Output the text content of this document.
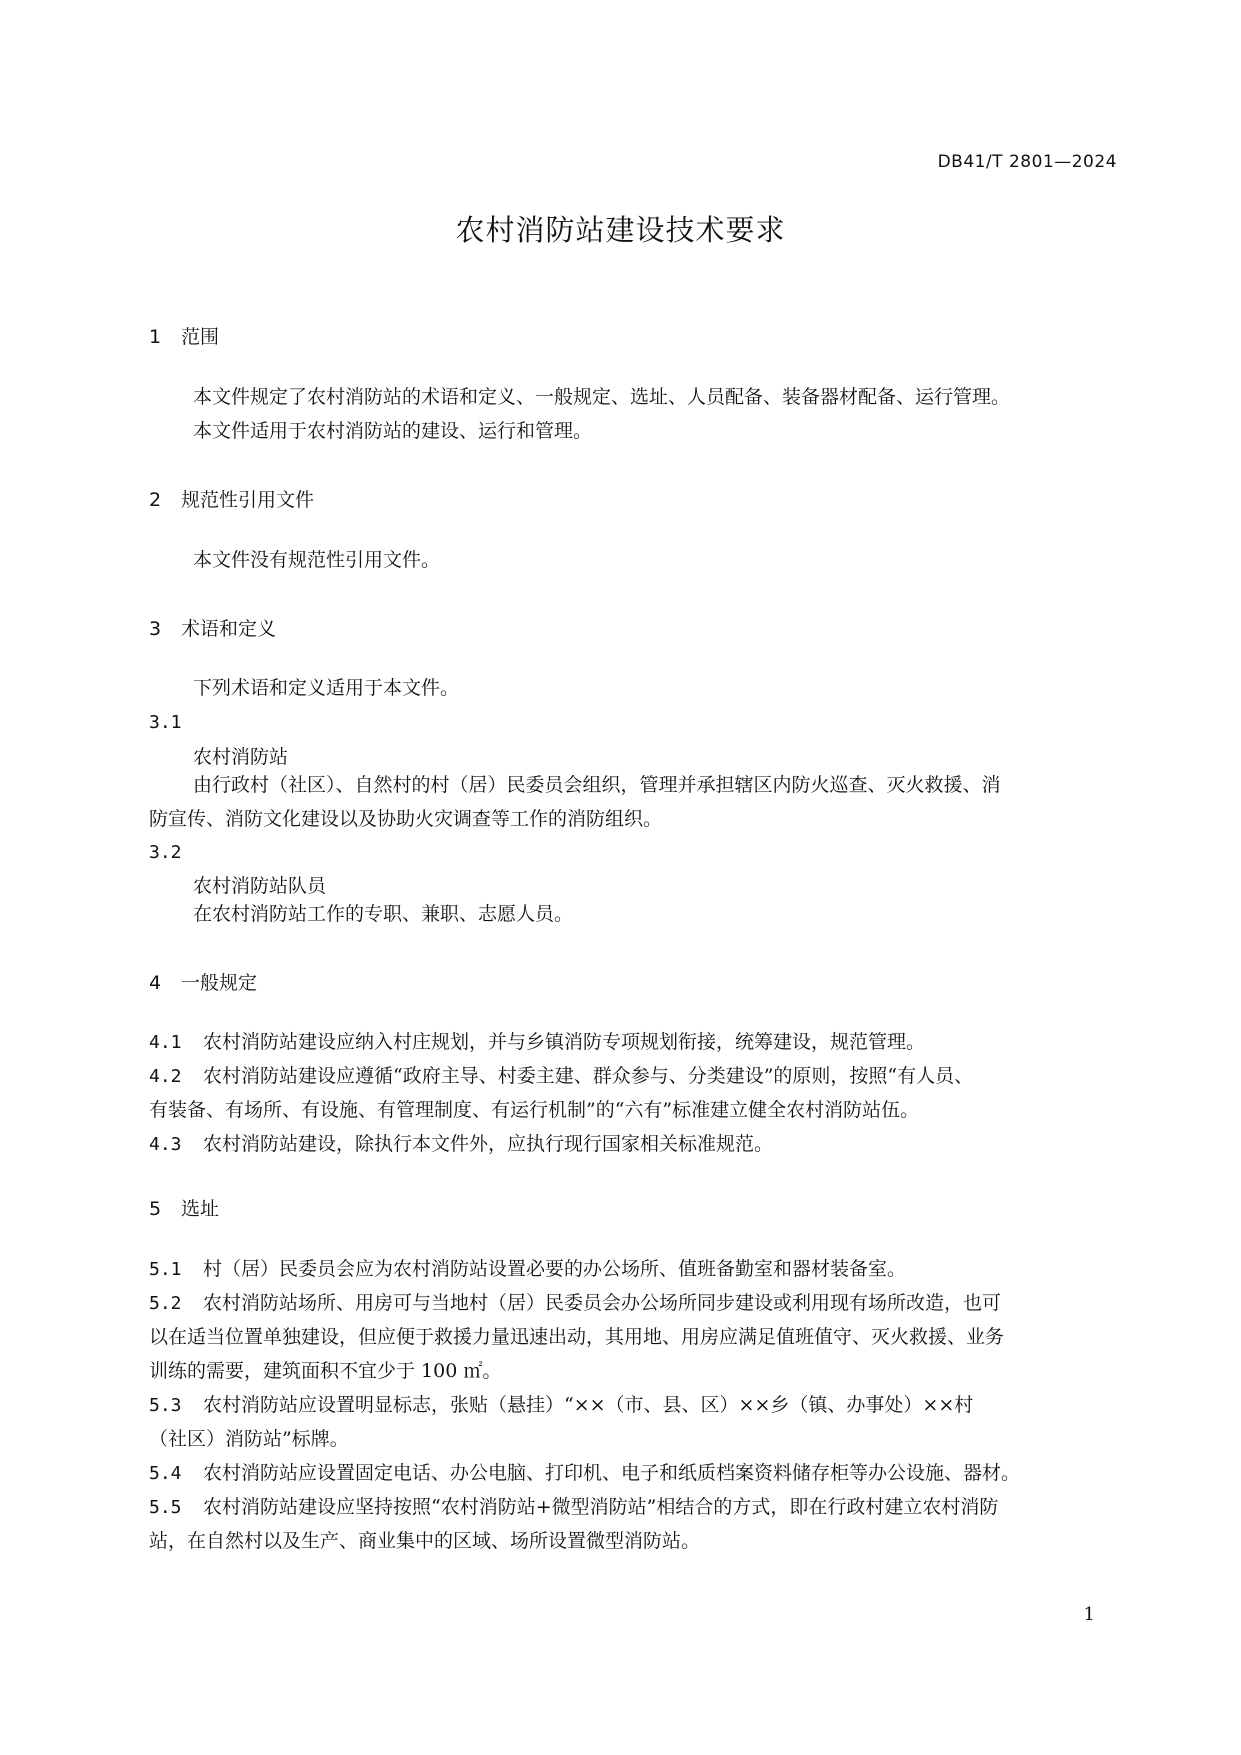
DB41/T 2801—2024
农村消防站建设技术要求
1 范围
本文件规定了农村消防站的术语和定义、一般规定、选址、人员配备、装备器材配备、运行管理。
本文件适用于农村消防站的建设、运行和管理。
2 规范性引用文件
本文件没有规范性引用文件。
3 术语和定义
下列术语和定义适用于本文件。
3.1
农村消防站
由行政村（社区）、自然村的村（居）民委员会组织，管理并承担辖区内防火巡查、灭火救援、消
防宣传、消防文化建设以及协助火灾调查等工作的消防组织。
3.2
农村消防站队员
在农村消防站工作的专职、兼职、志愿人员。
4 一般规定
4.1 农村消防站建设应纳入村庄规划，并与乡镇消防专项规划衔接，统筹建设，规范管理。
4.2 农村消防站建设应遵循“政府主导、村委主建、群众参与、分类建设”的原则，按照“有人员、
有装备、有场所、有设施、有管理制度、有运行机制”的“六有”标准建立健全农村消防站伍。
4.3 农村消防站建设，除执行本文件外，应执行现行国家相关标准规范。
5 选址
5.1 村（居）民委员会应为农村消防站设置必要的办公场所、值班备勤室和器材装备室。
5.2 农村消防站场所、用房可与当地村（居）民委员会办公场所同步建设或利用现有场所改造，也可
以在适当位置单独建设，但应便于救援力量迅速出动，其用地、用房应满足值班值守、灭火救援、业务
训练的需要，建筑面积不宜少于 100 ㎡。
5.3 农村消防站应设置明显标志，张贴（悬挂）“××（市、县、区）××乡（镇、办事处）××村
（社区）消防站”标牌。
5.4 农村消防站应设置固定电话、办公电脑、打印机、电子和纸质档案资料储存柜等办公设施、器材。
5.5 农村消防站建设应坚持按照“农村消防站+微型消防站”相结合的方式，即在行政村建立农村消防
站，在自然村以及生产、商业集中的区域、场所设置微型消防站。
1
